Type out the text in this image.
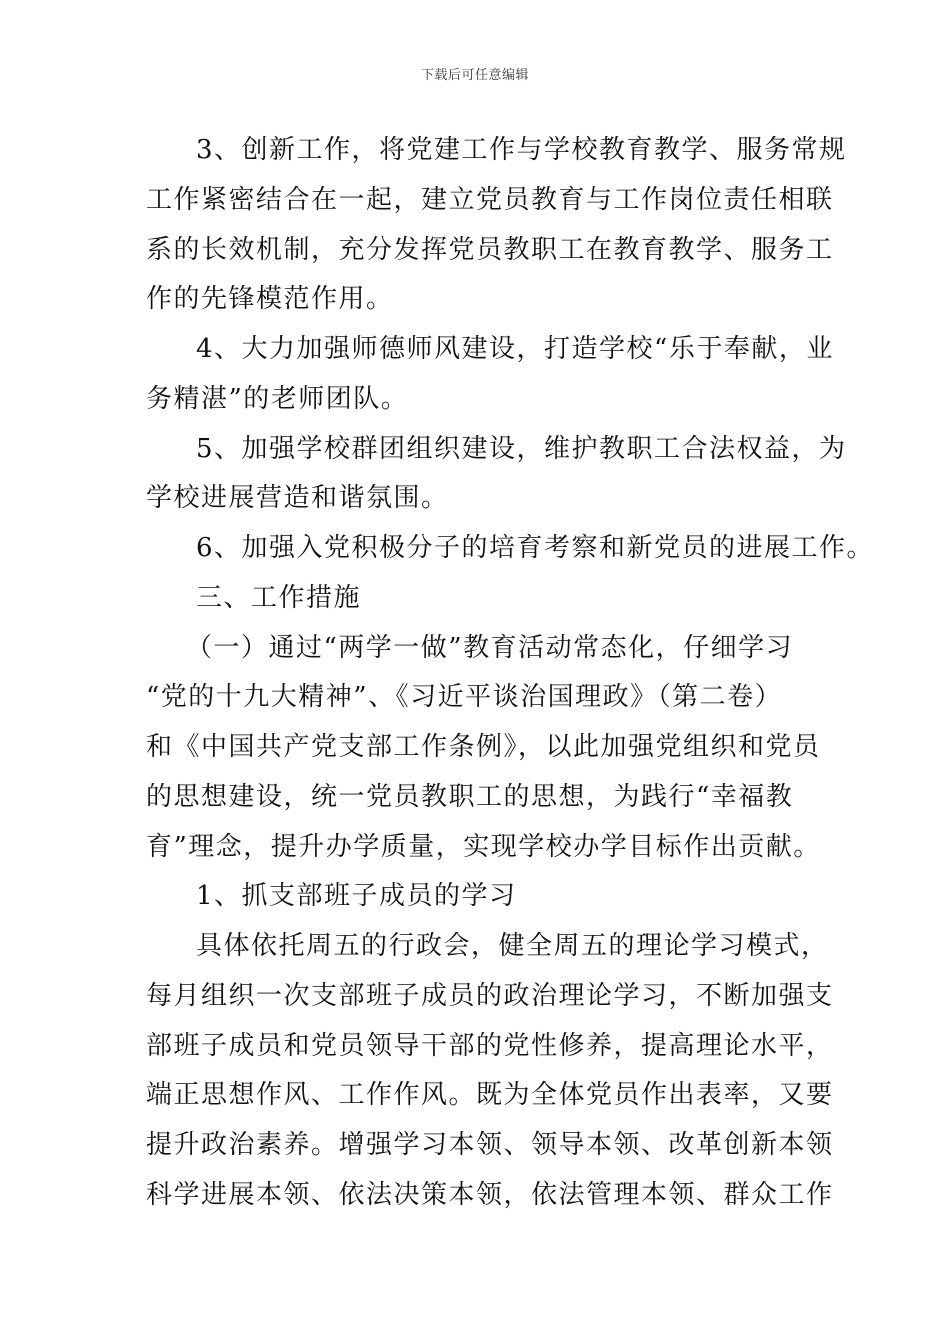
下载后可任意编辑
3、创新工作，将党建工作与学校教育教学、服务常规
工作紧密结合在一起，建立党员教育与工作岗位责任相联
系的长效机制，充分发挥党员教职工在教育教学、服务工
作的先锋模范作用。
4、大力加强师德师风建设，打造学校“乐于奉献，业
务精湛”的老师团队。
5、加强学校群团组织建设，维护教职工合法权益，为
学校进展营造和谐氛围。
6、加强入党积极分子的培育考察和新党员的进展工作。
三、工作措施
（一）通过“两学一做”教育活动常态化，仔细学习
“党的十九大精神”、《习近平谈治国理政》（第二卷）
和《中国共产党支部工作条例》，以此加强党组织和党员
的思想建设，统一党员教职工的思想，为践行“幸福教
育”理念，提升办学质量，实现学校办学目标作出贡献。
1、抓支部班子成员的学习
具体依托周五的行政会，健全周五的理论学习模式，
每月组织一次支部班子成员的政治理论学习，不断加强支
部班子成员和党员领导干部的党性修养，提高理论水平，
端正思想作风、工作作风。既为全体党员作出表率，又要
提升政治素养。增强学习本领、领导本领、改革创新本领
科学进展本领、依法决策本领，依法管理本领、群众工作
